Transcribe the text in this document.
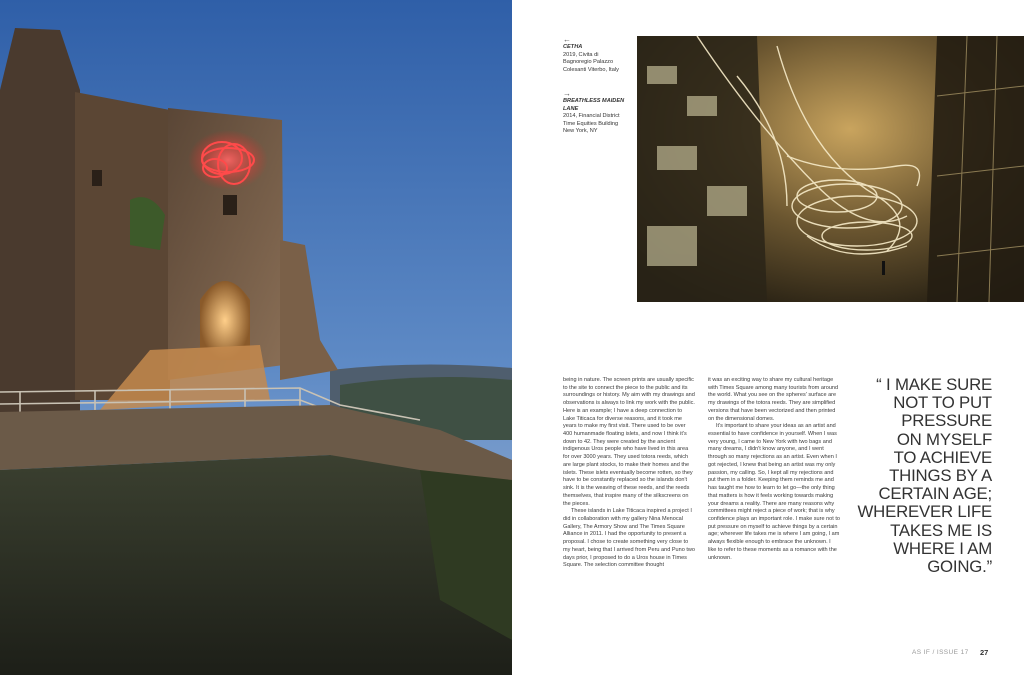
←
CETHA
2019, Civita di
Bagnoregio Palazzo
Colesanti Viterbo, Italy
→
BREATHLESS MAIDEN LANE
2014, Financial District
Time Equities Building
New York, NY

being in nature. The screen prints are usually specific to the site to connect the piece to the public and its surroundings or history. My aim with my drawings and observations is always to link my work with the public. Here is an example; I have a deep connection to Lake Titicaca for diverse reasons, and it took me years to make my first visit. There used to be over 400 humanmade floating islets, and now I think it's down to 42. They were created by the ancient indigenous Uros people who have lived in this area for over 3000 years. They used totora reeds, which are large plant stocks, to make their homes and the islets. These islets eventually become rotten, so they have to be constantly replaced so the islands don't sink. It is the weaving of these reeds, and the reeds themselves, that inspire many of the silkscreens on the pieces.

These islands in Lake Titicaca inspired a project I did in collaboration with my gallery Nina Menocal Gallery, The Armory Show and The Times Square Alliance in 2011. I had the opportunity to present a proposal. I chose to create something very close to my heart, being that I arrived from Peru and Puno two days prior, I proposed to do a Uros house in Times Square. The selection committee thought

it was an exciting way to share my cultural heritage with Times Square among many tourists from around the world. What you see on the spheres' surface are my drawings of the totora reeds. They are simplified versions that have been vectorized and then printed on the dimensional domes.

It's important to share your ideas as an artist and essential to have confidence in yourself. When I was very young, I came to New York with two bags and many dreams, I didn't know anyone, and I went through so many rejections as an artist. Even when I got rejected, I knew that being an artist was my only passion, my calling. So, I kept all my rejections and put them in a folder. Keeping them reminds me and has taught me how to learn to let go—the only thing that matters is how it feels working towards making your dreams a reality. There are many reasons why committees might reject a piece of work; that is why confidence plays an important role. I make sure not to put pressure on myself to achieve things by a certain age; wherever life takes me is where I am going, I am always flexible enough to embrace the unknown. I like to refer to these moments as a romance with the unknown.

“ I MAKE SURE
NOT TO PUT
PRESSURE
ON MYSELF
TO ACHIEVE
THINGS BY A
CERTAIN AGE;
WHEREVER LIFE
TAKES ME IS
WHERE I AM
GOING.”
AS IF / ISSUE 17 27
